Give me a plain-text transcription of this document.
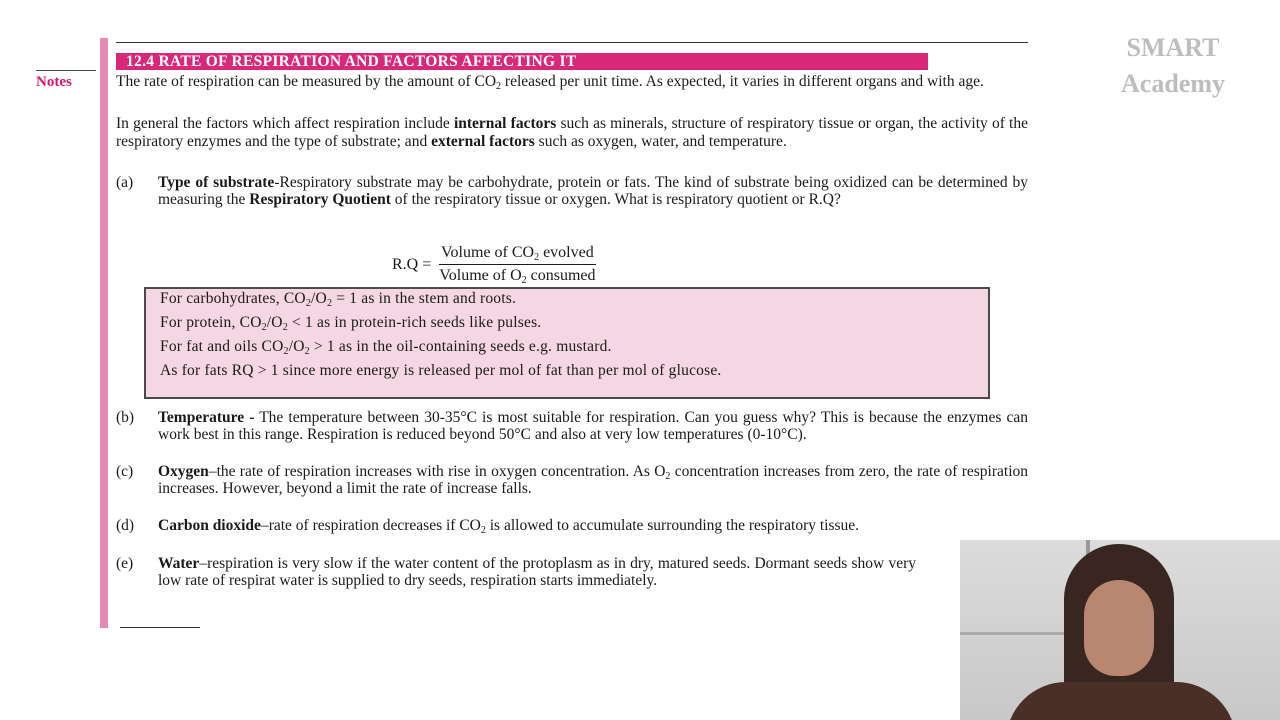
Notes
12.4 RATE OF RESPIRATION AND FACTORS AFFECTING IT	SMART
Academy

The rate of respiration can be measured by the amount of $CO_2$ released per unit time. As expected, it varies in different organs and with age.

In general the factors which affect respiration include internal factors such as minerals, structure of respiratory tissue or organ, the activity of the respiratory enzymes and the type of substrate; and external factors such as oxygen, water, and temperature.

(a) Type of substrate-Respiratory substrate may be carbohydrate, protein or fats. The kind of substrate being oxidized can be determined by measuring the Respiratory Quotient of the respiratory tissue or oxygen. What is respiratory quotient or R.Q?
$R.Q = \frac{Volume of CO_2 evolved}{Volume of O_2 consumed}$
For carbohydrates, $CO_2/O_2 = 1$ as in the stem and roots.
For protein, $CO_2/O_2 < 1$ as in protein-rich seeds like pulses.
For fat and oils $CO_2/O_2 > 1$ as in the oil-containing seeds e.g. mustard.
As for fats RQ > 1 since more energy is released per mol of fat than per mol of glucose.
(b) Temperature - The temperature between 30-35°C is most suitable for respiration. Can you guess why? This is because the enzymes can work best in this range. Respiration is reduced beyond 50°C and also at very low temperatures (0-10°C).
(c) Oxygen–the rate of respiration increases with rise in oxygen concentration. As $O_2$ concentration increases from zero, the rate of respiration increases. However, beyond a limit the rate of increase falls.
(d) Carbon dioxide–rate of respiration decreases if $CO_2$ is allowed to accumulate surrounding the respiratory tissue.
(e) Water–respiration is very slow if the water content of the protoplasm as in dry, matured seeds. Dormant seeds show very low rate of respirat water is supplied to dry seeds, respiration starts immediately.
